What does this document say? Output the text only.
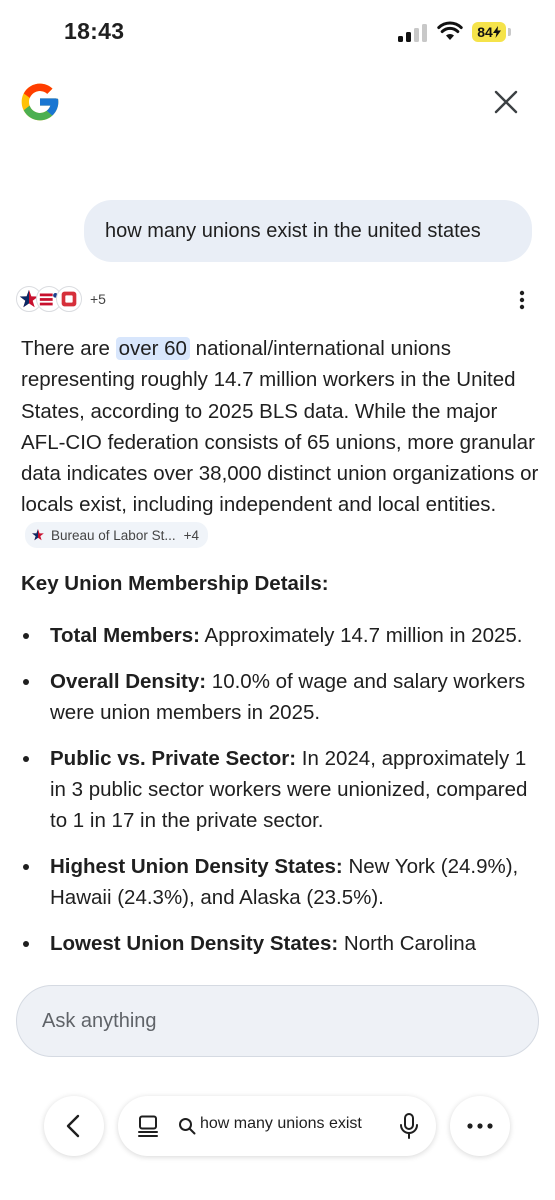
18:43	84
how many unions exist in the united states
+5
There are over 60 national/international unions representing roughly 14.7 million workers in the United States, according to 2025 BLS data. While the major AFL-CIO federation consists of 65 unions, more granular data indicates over 38,000 distinct union organizations or locals exist, including independent and local entities.
Bureau of Labor St... +4
Key Union Membership Details:
Total Members: Approximately 14.7 million in 2025.
Overall Density: 10.0% of wage and salary workers were union members in 2025.
Public vs. Private Sector: In 2024, approximately 1 in 3 public sector workers were unionized, compared to 1 in 17 in the private sector.
Highest Union Density States: New York (24.9%), Hawaii (24.3%), and Alaska (23.5%).
Lowest Union Density States: North Carolina
Ask anything
how many unions exist
